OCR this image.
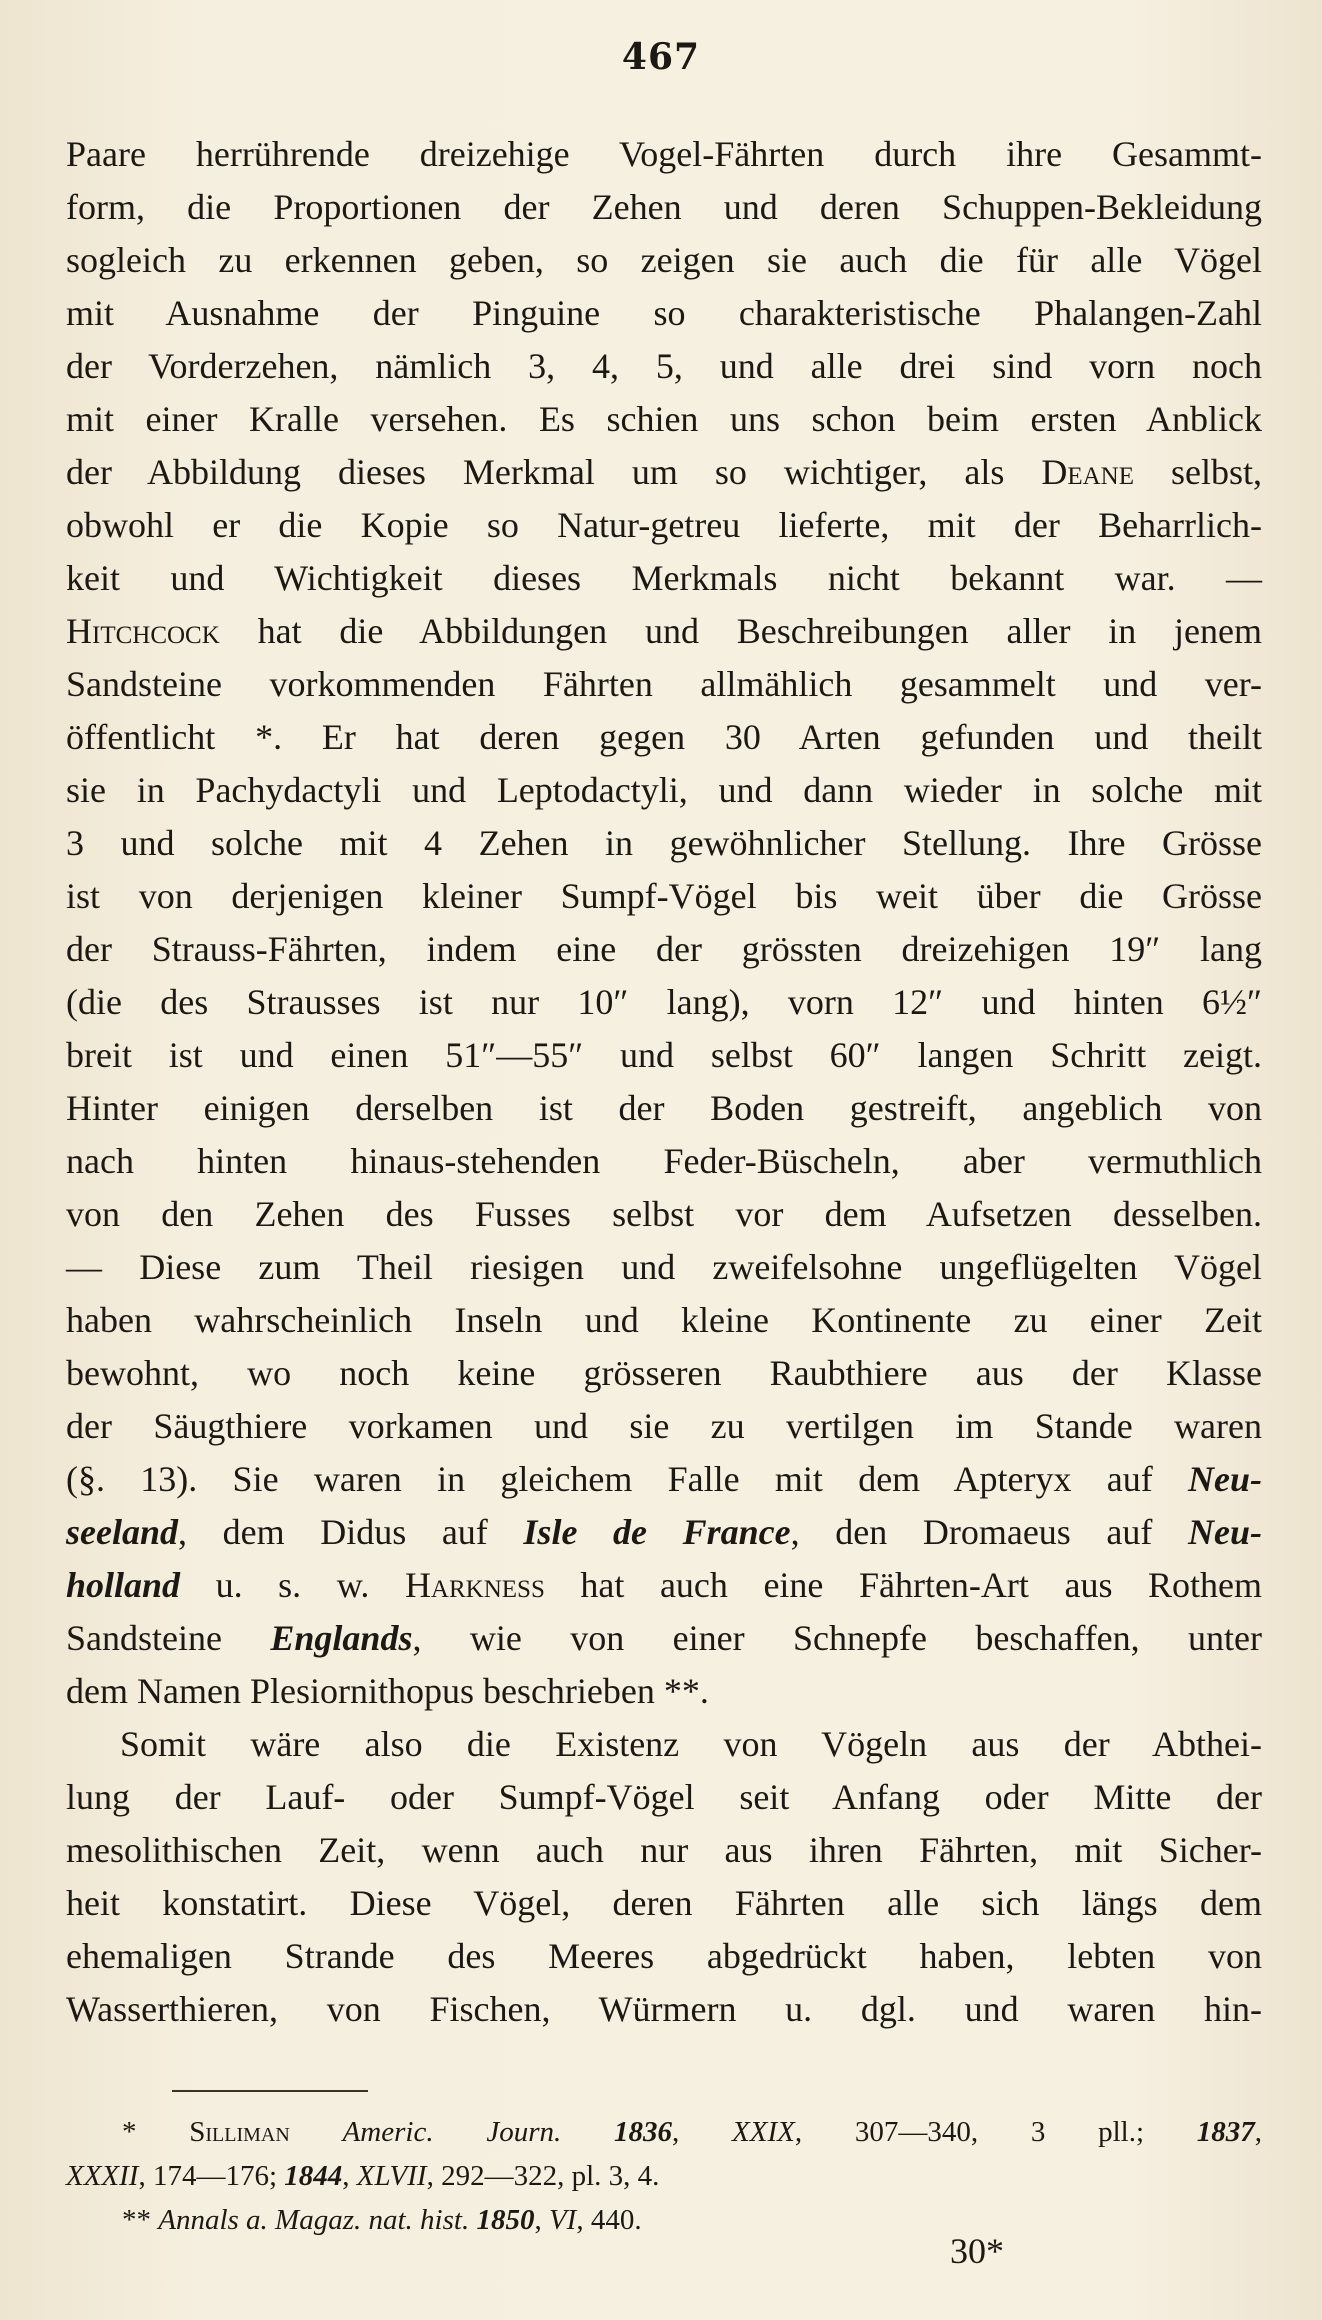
467
Paare herrührende dreizehige Vogel-Fährten durch ihre Gesammt-
form, die Proportionen der Zehen und deren Schuppen-Bekleidung
sogleich zu erkennen geben, so zeigen sie auch die für alle Vögel
mit Ausnahme der Pinguine so charakteristische Phalangen-Zahl
der Vorderzehen, nämlich 3, 4, 5, und alle drei sind vorn noch
mit einer Kralle versehen. Es schien uns schon beim ersten Anblick
der Abbildung dieses Merkmal um so wichtiger, als Deane selbst,
obwohl er die Kopie so Natur-getreu lieferte, mit der Beharrlich-
keit und Wichtigkeit dieses Merkmals nicht bekannt war. —
Hitchcock hat die Abbildungen und Beschreibungen aller in jenem
Sandsteine vorkommenden Fährten allmählich gesammelt und ver-
öffentlicht *. Er hat deren gegen 30 Arten gefunden und theilt
sie in Pachydactyli und Leptodactyli, und dann wieder in solche mit
3 und solche mit 4 Zehen in gewöhnlicher Stellung. Ihre Grösse
ist von derjenigen kleiner Sumpf-Vögel bis weit über die Grösse
der Strauss-Fährten, indem eine der grössten dreizehigen 19″ lang
(die des Strausses ist nur 10″ lang), vorn 12″ und hinten 6½″
breit ist und einen 51″—55″ und selbst 60″ langen Schritt zeigt.
Hinter einigen derselben ist der Boden gestreift, angeblich von
nach hinten hinaus-stehenden Feder-Büscheln, aber vermuthlich
von den Zehen des Fusses selbst vor dem Aufsetzen desselben.
— Diese zum Theil riesigen und zweifelsohne ungeflügelten Vögel
haben wahrscheinlich Inseln und kleine Kontinente zu einer Zeit
bewohnt, wo noch keine grösseren Raubthiere aus der Klasse
der Säugthiere vorkamen und sie zu vertilgen im Stande waren
(§. 13). Sie waren in gleichem Falle mit dem Apteryx auf Neu-
seeland, dem Didus auf Isle de France, den Dromaeus auf Neu-
holland u. s. w. Harkness hat auch eine Fährten-Art aus Rothem
Sandsteine Englands, wie von einer Schnepfe beschaffen, unter
dem Namen Plesiornithopus beschrieben **.
Somit wäre also die Existenz von Vögeln aus der Abthei-
lung der Lauf- oder Sumpf-Vögel seit Anfang oder Mitte der
mesolithischen Zeit, wenn auch nur aus ihren Fährten, mit Sicher-
heit konstatirt. Diese Vögel, deren Fährten alle sich längs dem
ehemaligen Strande des Meeres abgedrückt haben, lebten von
Wasserthieren, von Fischen, Würmern u. dgl. und waren hin-
* Silliman Americ. Journ. 1836, XXIX, 307—340, 3 pll.; 1837,
XXXII, 174—176; 1844, XLVII, 292—322, pl. 3, 4.
** Annals a. Magaz. nat. hist. 1850, VI, 440.
30*
